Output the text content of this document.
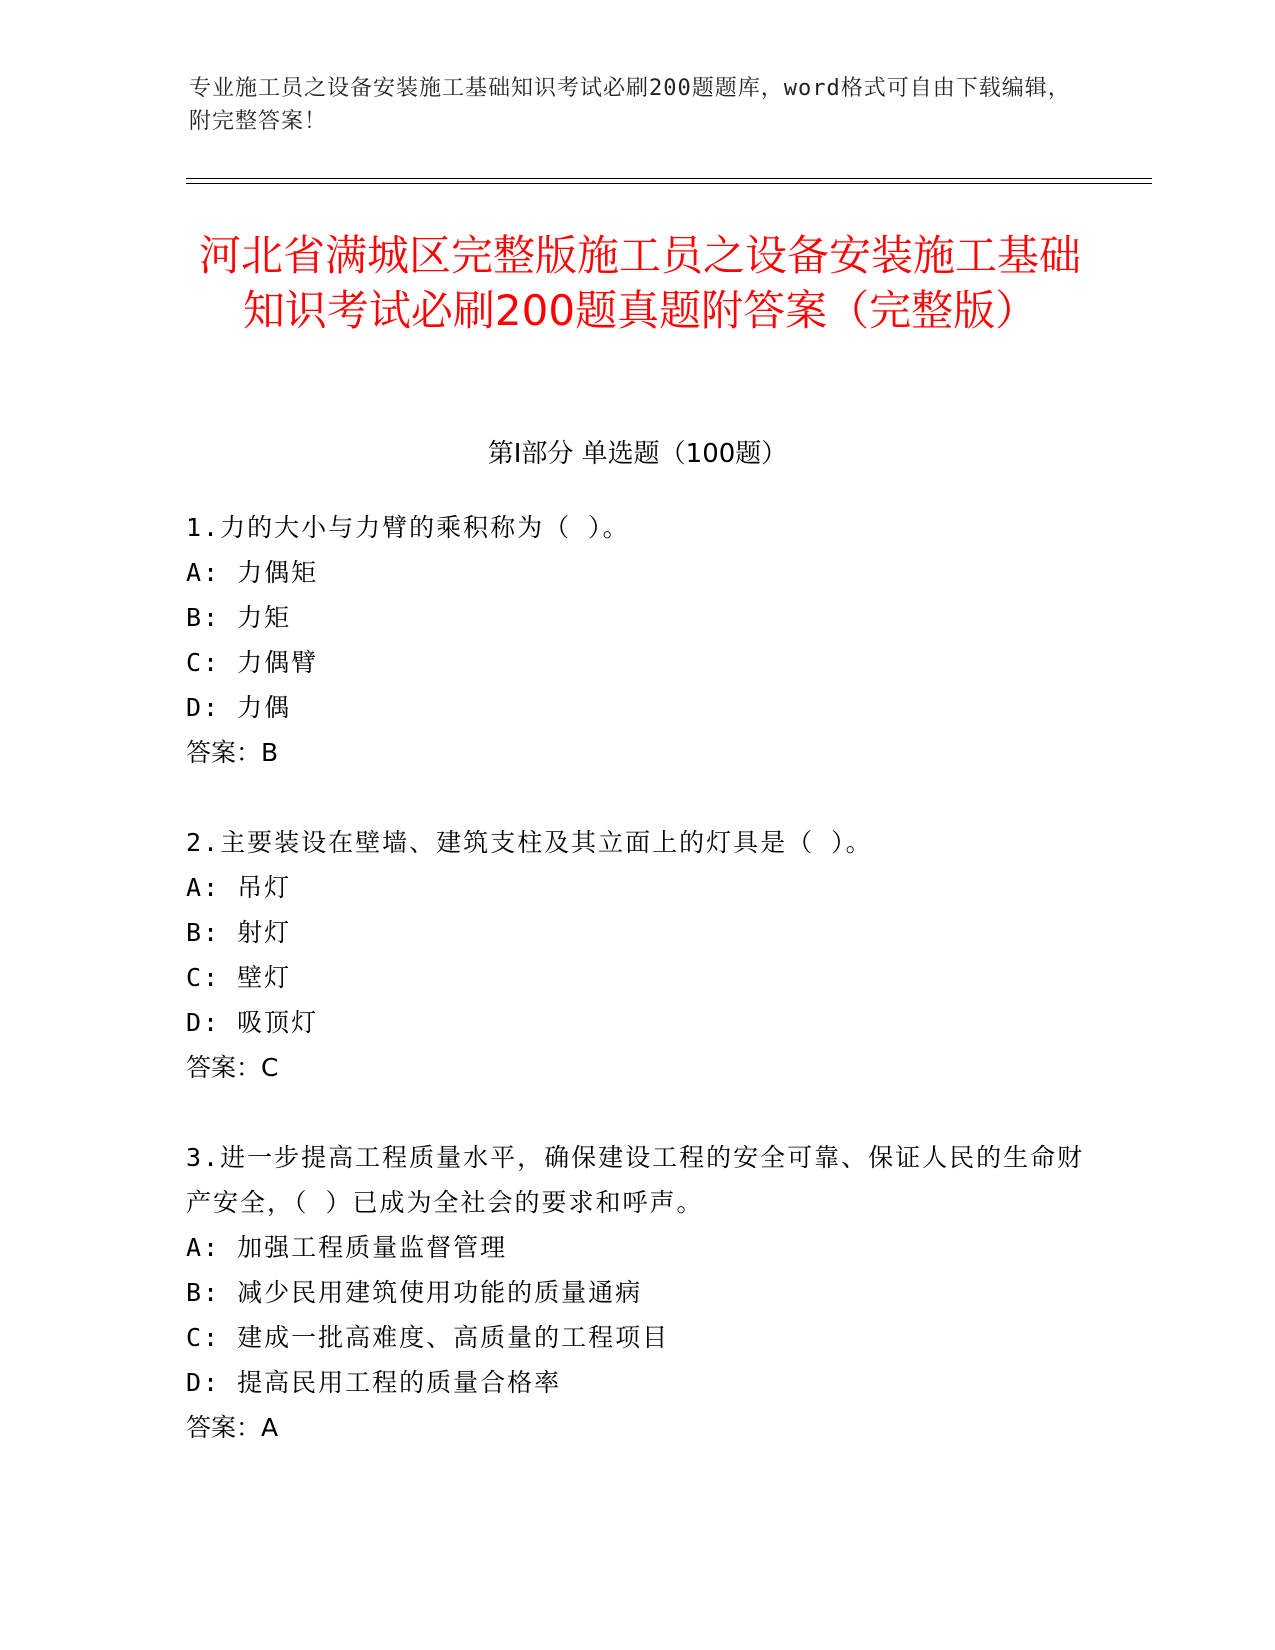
专业施工员之设备安装施工基础知识考试必刷200题题库，word格式可自由下载编辑，附完整答案！
河北省满城区完整版施工员之设备安装施工基础知识考试必刷200题真题附答案（完整版）
第Ⅰ部分 单选题（100题）

1.力的大小与力臂的乘积称为（ ）。

A: 力偶矩

B: 力矩

C: 力偶臂

D: 力偶

答案：B

2.主要装设在壁墙、建筑支柱及其立面上的灯具是（ ）。

A: 吊灯

B: 射灯

C: 壁灯

D: 吸顶灯

答案：C

3.进一步提高工程质量水平，确保建设工程的安全可靠、保证人民的生命财产安全，（ ）已成为全社会的要求和呼声。

A: 加强工程质量监督管理

B: 减少民用建筑使用功能的质量通病

C: 建成一批高难度、高质量的工程项目

D: 提高民用工程的质量合格率

答案：A
